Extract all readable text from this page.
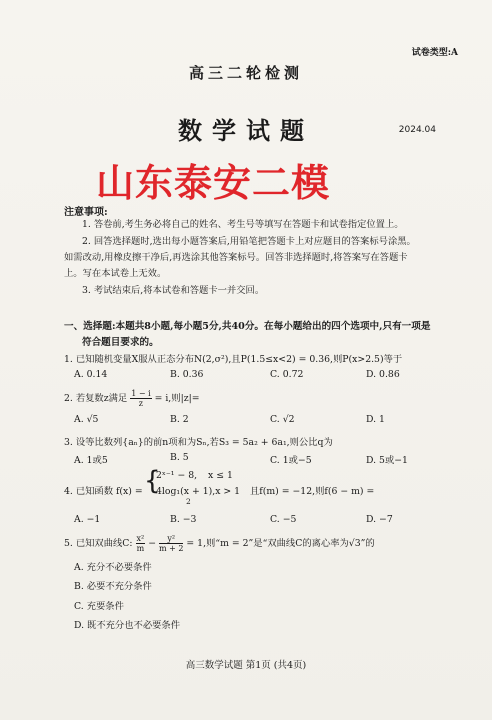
试卷类型:A
高三二轮检测
数学试题	2024.04
山东泰安二模
注意事项:
1. 答卷前,考生务必将自己的姓名、考生号等填写在答题卡和试卷指定位置上。
2. 回答选择题时,选出每小题答案后,用铅笔把答题卡上对应题目的答案标号涂黑。
如需改动,用橡皮擦干净后,再选涂其他答案标号。回答非选择题时,将答案写在答题卡
上。写在本试卷上无效。
3. 考试结束后,将本试卷和答题卡一并交回。
一、选择题:本题共8小题,每小题5分,共40分。在每小题给出的四个选项中,只有一项是
符合题目要求的。
1. 已知随机变量X服从正态分布N(2,σ²),且P(1.5≤x<2) = 0.36,则P(x>2.5)等于
A. 0.14	B. 0.36	C. 0.72	D. 0.86
2. 若复数z满足 $\frac{1 - i}{z} = i$,则|z|=
A. √5	B. 2	C. √2	D. 1
3. 设等比数列{aₙ}的前n项和为Sₙ,若S₃ = 5a₂ + 6a₁,则公比q为
A. 1或5	B. 5	C. 1或−5	D. 5或−1
4. 已知函数 f(x) = {
2ˣ⁻¹ − 8, x ≤ 1
4log₁(x + 1),x > 1
2
且f(m) = −12,则f(6 − m) =
A. −1	B. −3	C. −5	D. −7
5. 已知双曲线C: $\frac{\text{x²}}{m} - \frac{\text{y²}}{m + 2} = 1$,则“m = 2”是“双曲线C的离心率为√3”的
A. 充分不必要条件
B. 必要不充分条件
C. 充要条件
D. 既不充分也不必要条件
高三数学试题 第1页 (共4页)
